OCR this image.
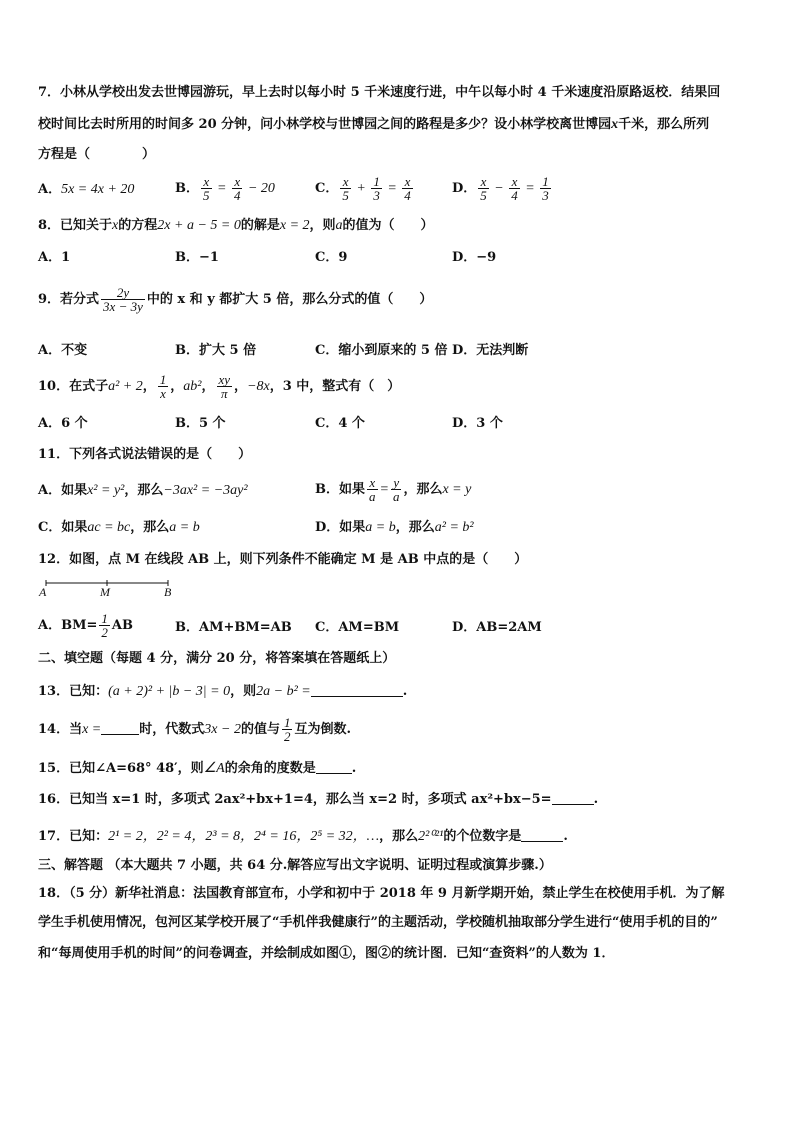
7．小林从学校出发去世博园游玩，早上去时以每小时 5 千米速度行进，中午以每小时 4 千米速度沿原路返校．结果回
校时间比去时所用的时间多 20 分钟，问小林学校与世博园之间的路程是多少？设小林学校离世博园x千米，那么所列
方程是（　　　　）
A．5x = 4x + 20	B． $\frac{x}{5} = \frac{x}{4} - 20$	C． $\frac{x}{5} + \frac{1}{3} = \frac{x}{4}$	D． $\frac{x}{5} - \frac{x}{4} = \frac{1}{3}$
8．已知关于x的方程2x + a − 5 = 0的解是x = 2，则a的值为（　　）
A．1	B．−1	C．9	D．−9
9．若分式 $\frac{2y}{3x - 3y}$ 中的 x 和 y 都扩大 5 倍，那么分式的值（　　）
A．不变	B．扩大 5 倍	C．缩小到原来的 5 倍 D．无法判断
10．在式子a² + 2， $\frac{1}{x}$ ，ab²， $\frac{xy}{\pi}$ ，−8x，3 中，整式有（　）
A．6 个	B．5 个	C．4 个	D．3 个
11．下列各式说法错误的是（　　）
A．如果x² = y²，那么−3ax² = −3ay²	B．如果 $\frac{x}{a} = \frac{y}{a}$ ，那么x = y
C．如果ac = bc，那么a = b	D．如果a = b，那么a² = b²
12．如图，点 M 在线段 AB 上，则下列条件不能确定 M 是 AB 中点的是（　　）
A	M	B
A．$BM= \frac{1}{2}$ AB	B．AM+BM=AB C．AM=BM	D．AB=2AM
二、填空题（每题 4 分，满分 20 分，将答案填在答题纸上）
13．已知：(a + 2)² + |b − 3| = 0，则2a − b² =	.
14．当x =	时，代数式3x − 2的值与 $\frac{1}{2}$ 互为倒数.
15．已知∠A=68° 48′，则∠A的余角的度数是	.
16．已知当 x=1 时，多项式 2ax²+bx+1=4，那么当 x=2 时，多项式 ax²+bx−5=	.
17．已知：2¹ = 2，2² = 4，2³ = 8，2⁴ = 16，2⁵ = 32，…，那么2²⁰²¹的个位数字是	.
三、解答题 （本大题共 7 小题，共 64 分.解答应写出文字说明、证明过程或演算步骤.）
18．（5 分）新华社消息：法国教育部宣布，小学和初中于 2018 年 9 月新学期开始，禁止学生在校使用手机．为了解
学生手机使用情况，包河区某学校开展了“手机伴我健康行”的主题活动，学校随机抽取部分学生进行“使用手机的目的”
和“每周使用手机的时间”的问卷调查，并绘制成如图①，图②的统计图．已知“查资料”的人数为 1．
